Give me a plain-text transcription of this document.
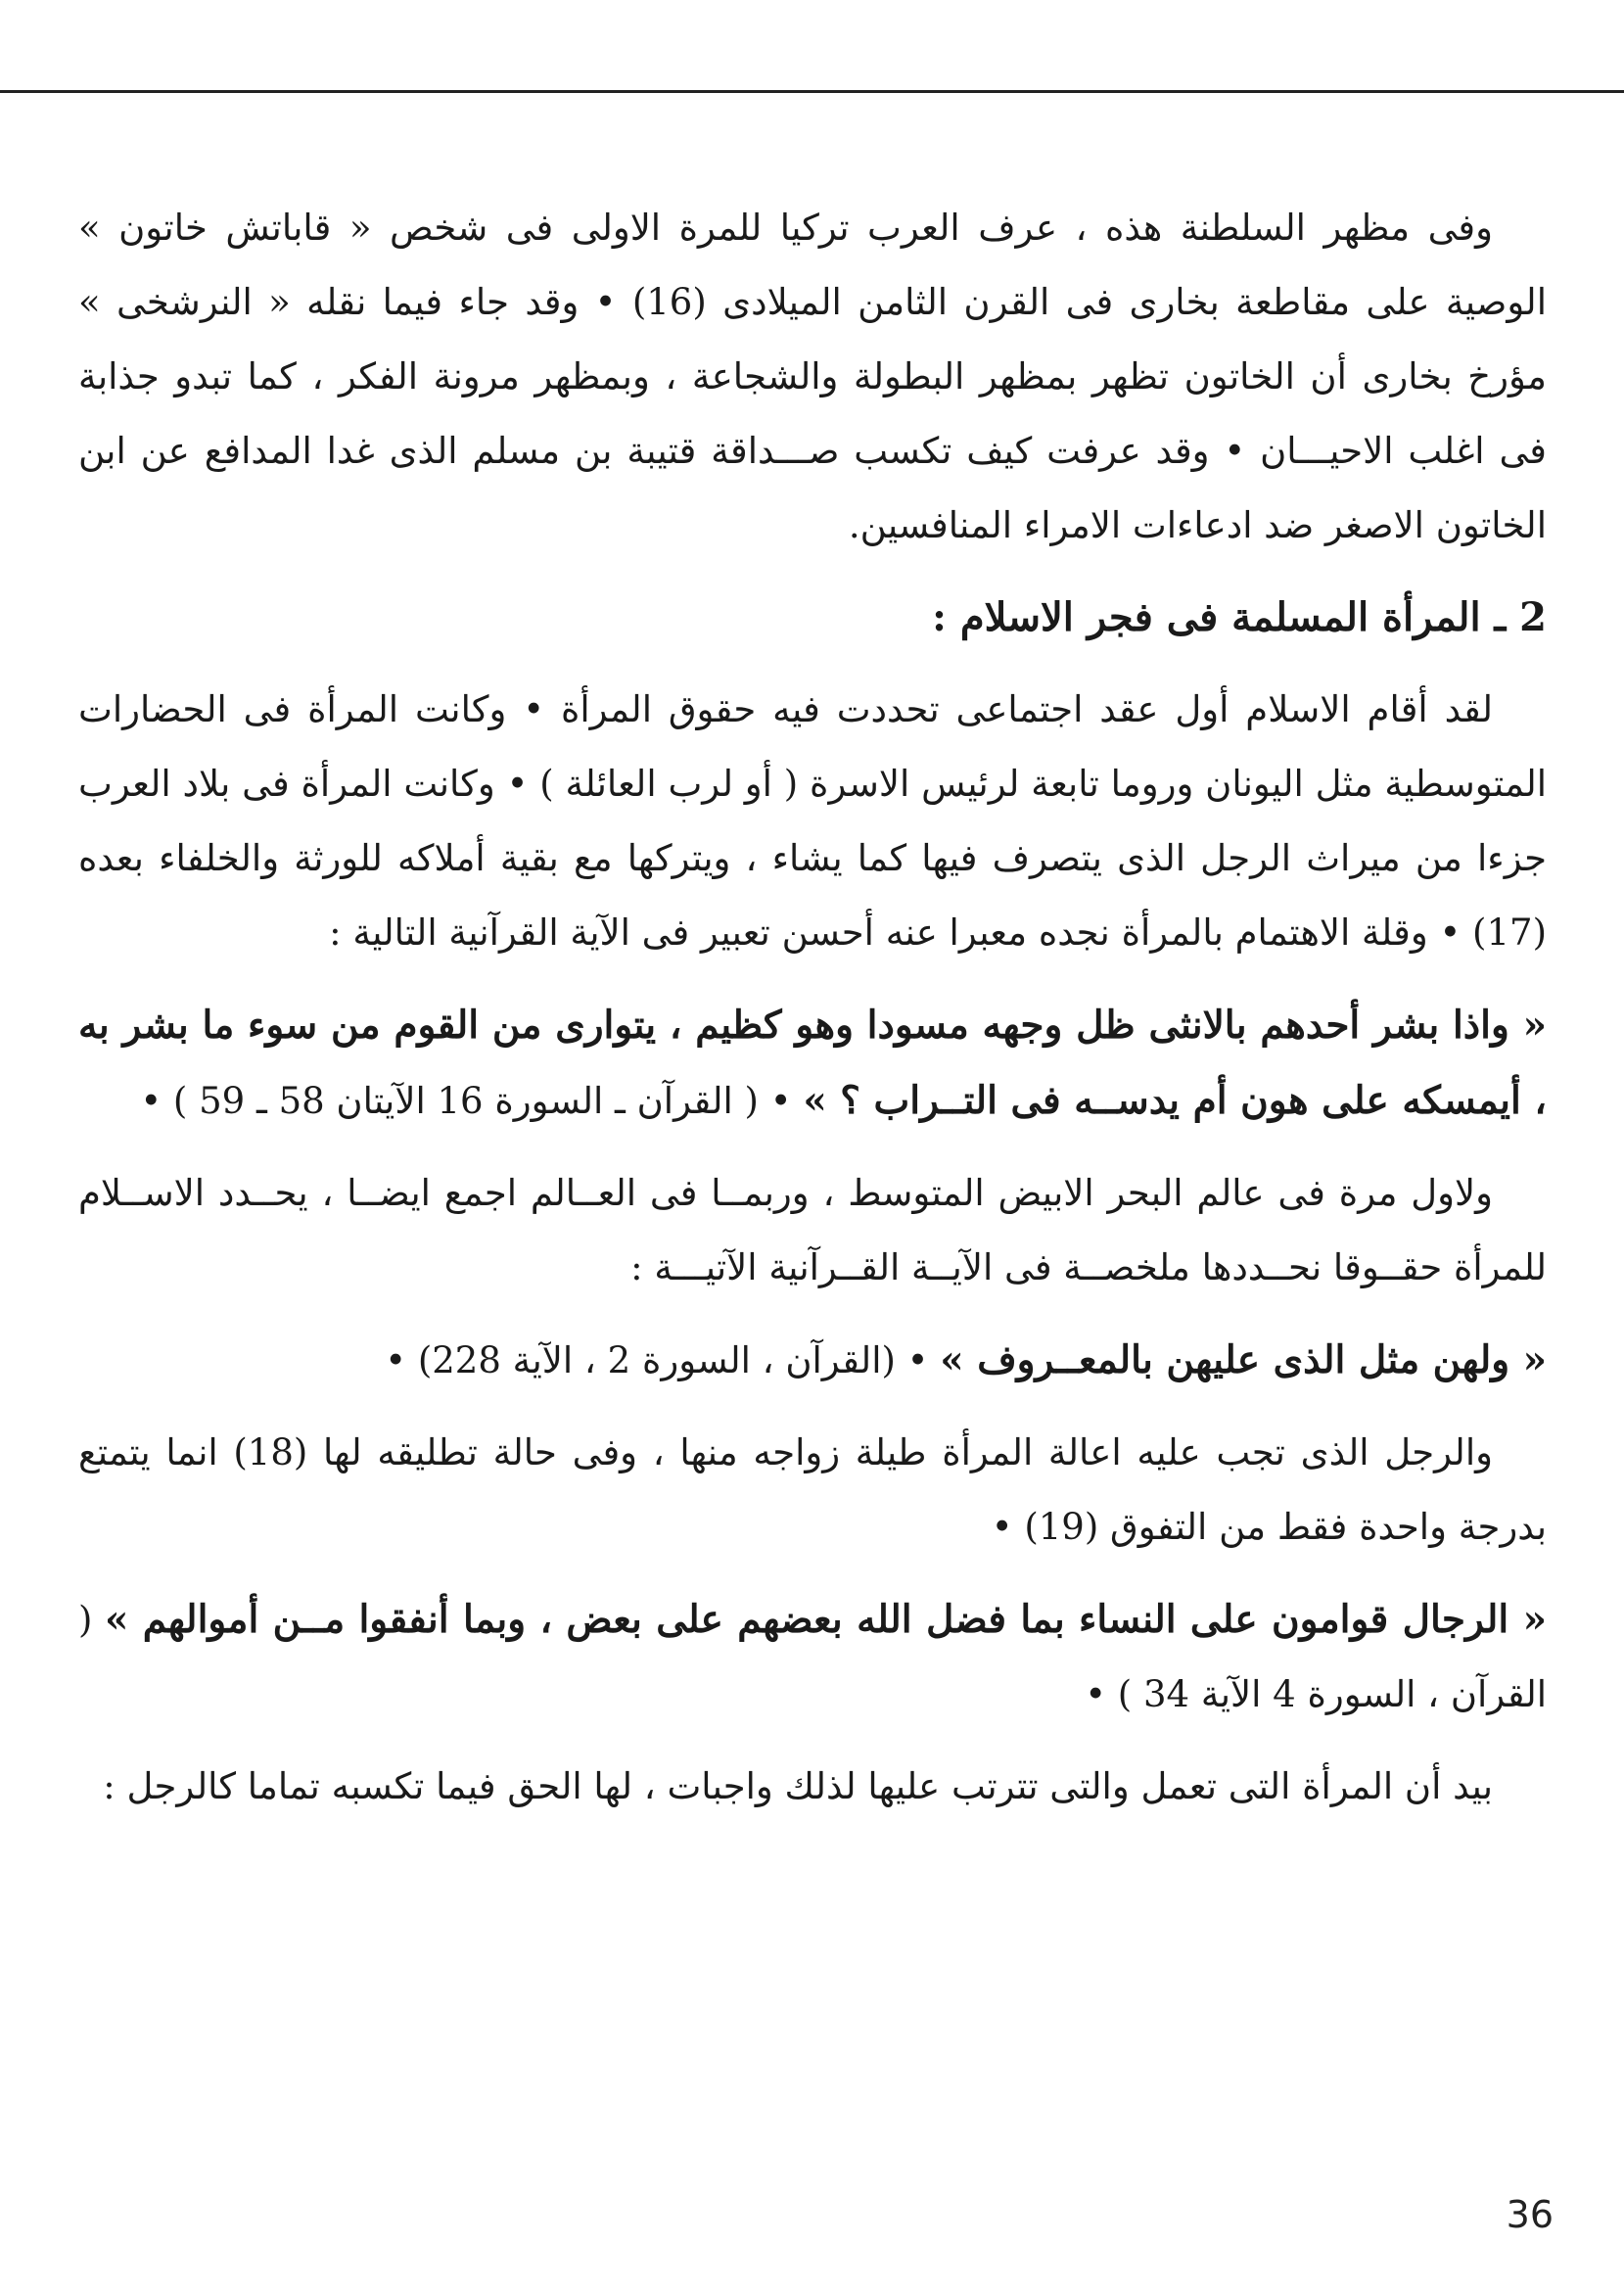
وفى مظهر السلطنة هذه ، عرف العرب تركيا للمرة الاولى فى شخص « قاباتش خاتون » الوصية على مقاطعة بخارى فى القرن الثامن الميلادى (16) • وقد جاء فيما نقله « النرشخى » مؤرخ بخارى أن الخاتون تظهر بمظهر البطولة والشجاعة ، وبمظهر مرونة الفكر ، كما تبدو جذابة فى اغلب الاحيـــان • وقد عرفت كيف تكسب صـــداقة قتيبة بن مسلم الذى غدا المدافع عن ابن الخاتون الاصغر ضد ادعاءات الامراء المنافسين.

2 ـ المرأة المسلمة فى فجر الاسلام :

لقد أقام الاسلام أول عقد اجتماعى تحددت فيه حقوق المرأة • وكانت المرأة فى الحضارات المتوسطية مثل اليونان وروما تابعة لرئيس الاسرة ( أو لرب العائلة ) • وكانت المرأة فى بلاد العرب جزءا من ميراث الرجل الذى يتصرف فيها كما يشاء ، ويتركها مع بقية أملاكه للورثة والخلفاء بعده (17) • وقلة الاهتمام بالمرأة نجده معبرا عنه أحسن تعبير فى الآية القرآنية التالية :

« واذا بشر أحدهم بالانثى ظل وجهه مسودا وهو كظيم ، يتوارى من القوم من سوء ما بشر به ، أيمسكه على هون أم يدســه فى التــراب ؟ » • ( القرآن ـ السورة 16 الآيتان 58 ـ 59 ) •

ولاول مرة فى عالم البحر الابيض المتوسط ، وربمــا فى العــالم اجمع ايضــا ، يحــدد الاســلام للمرأة حقــوقا نحــددها ملخصــة فى الآيــة القــرآنية الآتيـــة :

« ولهن مثل الذى عليهن بالمعــروف » • (القرآن ، السورة 2 ، الآية 228) •

والرجل الذى تجب عليه اعالة المرأة طيلة زواجه منها ، وفى حالة تطليقه لها (18) انما يتمتع بدرجة واحدة فقط من التفوق (19) •

« الرجال قوامون على النساء بما فضل الله بعضهم على بعض ، وبما أنفقوا مــن أموالهم » ( القرآن ، السورة 4 الآية 34 ) •

بيد أن المرأة التى تعمل والتى تترتب عليها لذلك واجبات ، لها الحق فيما تكسبه تماما كالرجل :

36
